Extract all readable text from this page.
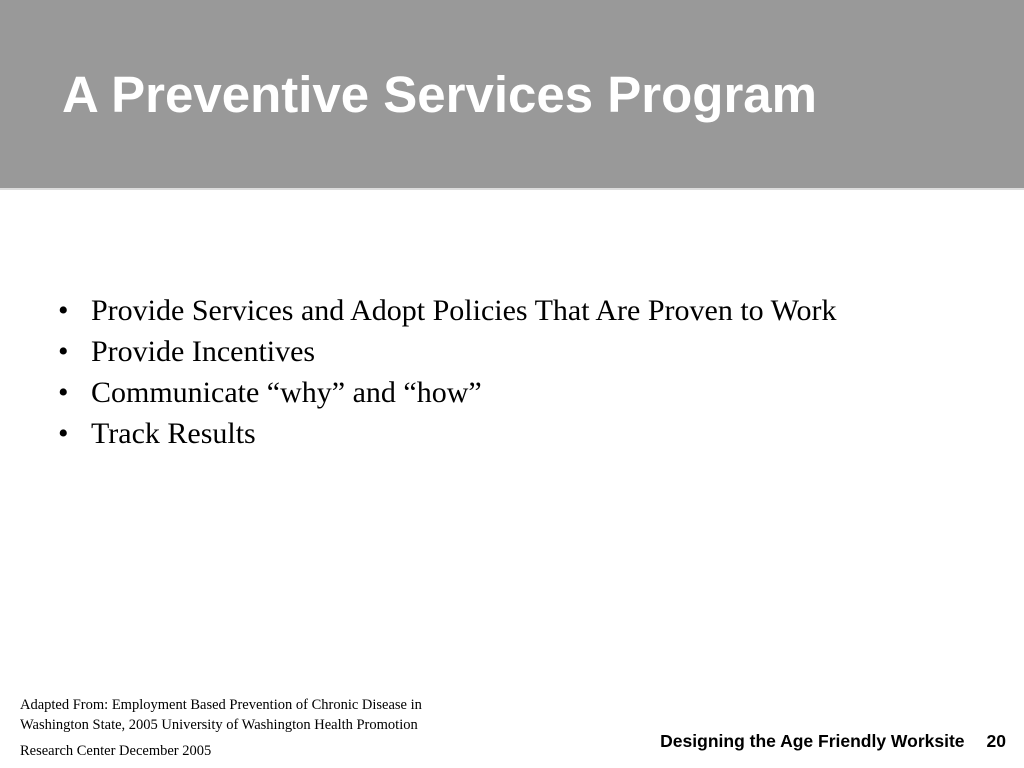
A Preventive Services Program
• Provide Services and Adopt Policies That Are Proven to Work
• Provide Incentives
• Communicate “why” and “how”
• Track Results

Adapted From: Employment Based Prevention of Chronic Disease in

Washington State, 2005 University of Washington Health Promotion

Research Center December 2005	Designing the Age Friendly Worksite 20
